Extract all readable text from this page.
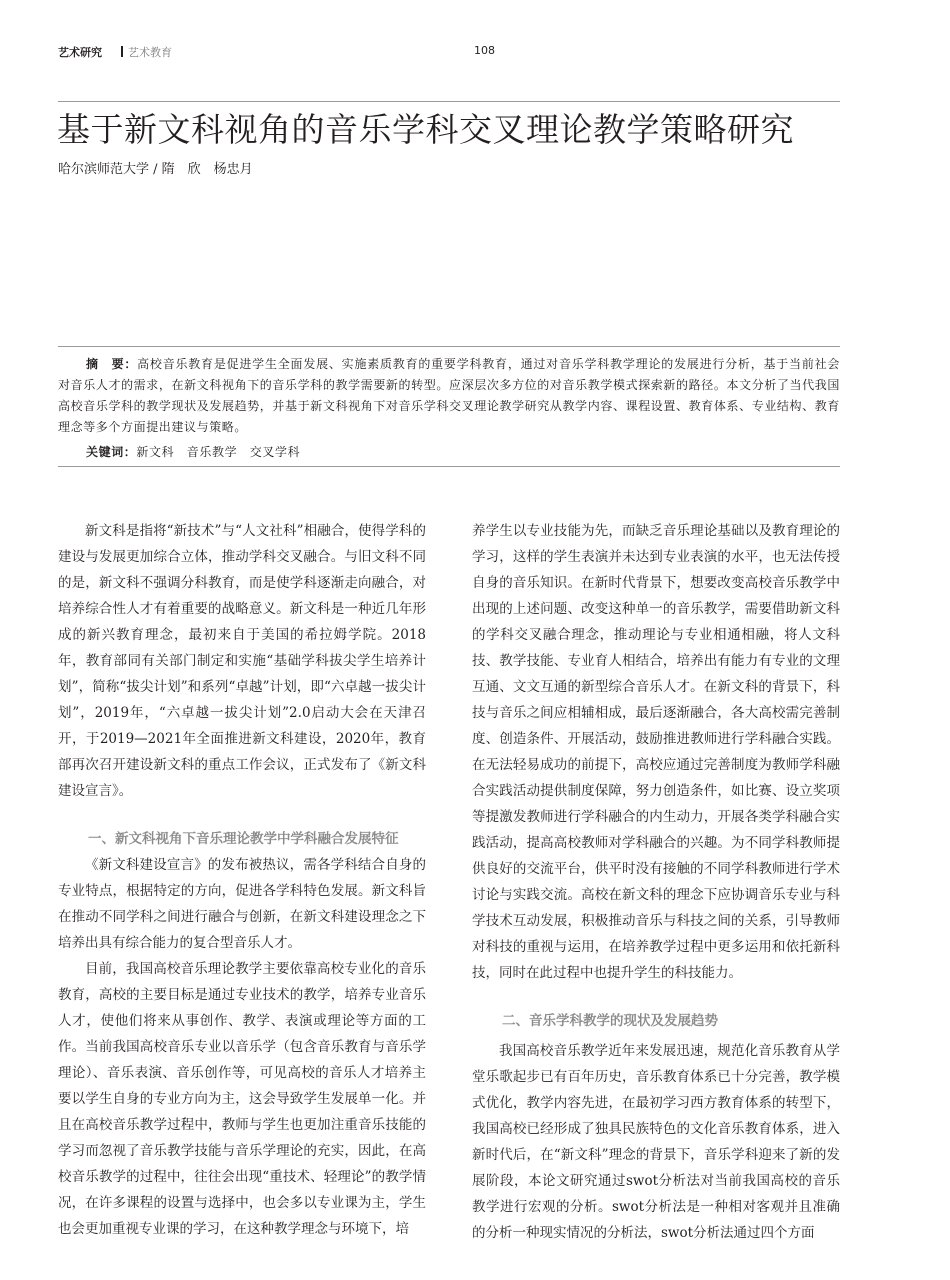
艺术研究 艺术教育	108
基于新文科视角的音乐学科交叉理论教学策略研究
哈尔滨师范大学 / 隋　欣　杨忠月
摘　要：高校音乐教育是促进学生全面发展、实施素质教育的重要学科教育，通过对音乐学科教学理论的发展进行分析，基于当前社会对音乐人才的需求，在新文科视角下的音乐学科的教学需要新的转型。应深层次多方位的对音乐教学模式探索新的路径。本文分析了当代我国高校音乐学科的教学现状及发展趋势，并基于新文科视角下对音乐学科交叉理论教学研究从教学内容、课程设置、教育体系、专业结构、教育理念等多个方面提出建议与策略。
关键词：新文科　音乐教学　交叉学科

新文科是指将“新技术”与“人文社科”相融合，使得学科的建设与发展更加综合立体，推动学科交叉融合。与旧文科不同的是，新文科不强调分科教育，而是使学科逐渐走向融合，对培养综合性人才有着重要的战略意义。新文科是一种近几年形成的新兴教育理念，最初来自于美国的希拉姆学院。2018年，教育部同有关部门制定和实施“基础学科拔尖学生培养计划”，简称“拔尖计划”和系列“卓越”计划，即“六卓越一拔尖计划”，2019年，“六卓越一拔尖计划”2.0启动大会在天津召开，于2019—2021年全面推进新文科建设，2020年，教育部再次召开建设新文科的重点工作会议，正式发布了《新文科建设宣言》。

一、新文科视角下音乐理论教学中学科融合发展特征

《新文科建设宣言》的发布被热议，需各学科结合自身的专业特点，根据特定的方向，促进各学科特色发展。新文科旨在推动不同学科之间进行融合与创新，在新文科建设理念之下培养出具有综合能力的复合型音乐人才。

目前，我国高校音乐理论教学主要依靠高校专业化的音乐教育，高校的主要目标是通过专业技术的教学，培养专业音乐人才，使他们将来从事创作、教学、表演或理论等方面的工作。当前我国高校音乐专业以音乐学（包含音乐教育与音乐学理论）、音乐表演、音乐创作等，可见高校的音乐人才培养主要以学生自身的专业方向为主，这会导致学生发展单一化。并且在高校音乐教学过程中，教师与学生也更加注重音乐技能的学习而忽视了音乐教学技能与音乐学理论的充实，因此，在高校音乐教学的过程中，往往会出现“重技术、轻理论”的教学情况，在许多课程的设置与选择中，也会多以专业课为主，学生也会更加重视专业课的学习，在这种教学理念与环境下，培

养学生以专业技能为先，而缺乏音乐理论基础以及教育理论的学习，这样的学生表演并未达到专业表演的水平，也无法传授自身的音乐知识。在新时代背景下，想要改变高校音乐教学中出现的上述问题、改变这种单一的音乐教学，需要借助新文科的学科交叉融合理念，推动理论与专业相通相融，将人文科技、教学技能、专业育人相结合，培养出有能力有专业的文理互通、文文互通的新型综合音乐人才。在新文科的背景下，科技与音乐之间应相辅相成，最后逐渐融合，各大高校需完善制度、创造条件、开展活动，鼓励推进教师进行学科融合实践。在无法轻易成功的前提下，高校应通过完善制度为教师学科融合实践活动提供制度保障，努力创造条件，如比赛、设立奖项等提激发教师进行学科融合的内生动力，开展各类学科融合实践活动，提高高校教师对学科融合的兴趣。为不同学科教师提供良好的交流平台，供平时没有接触的不同学科教师进行学术讨论与实践交流。高校在新文科的理念下应协调音乐专业与科学技术互动发展，积极推动音乐与科技之间的关系，引导教师对科技的重视与运用，在培养教学过程中更多运用和依托新科技，同时在此过程中也提升学生的科技能力。

二、音乐学科教学的现状及发展趋势

我国高校音乐教学近年来发展迅速，规范化音乐教育从学堂乐歌起步已有百年历史，音乐教育体系已十分完善，教学模式优化，教学内容先进，在最初学习西方教育体系的转型下，我国高校已经形成了独具民族特色的文化音乐教育体系，进入新时代后，在“新文科”理念的背景下，音乐学科迎来了新的发展阶段，本论文研究通过swot分析法对当前我国高校的音乐教学进行宏观的分析。swot分析法是一种相对客观并且准确的分析一种现实情况的分析法，swot分析法通过四个方面
